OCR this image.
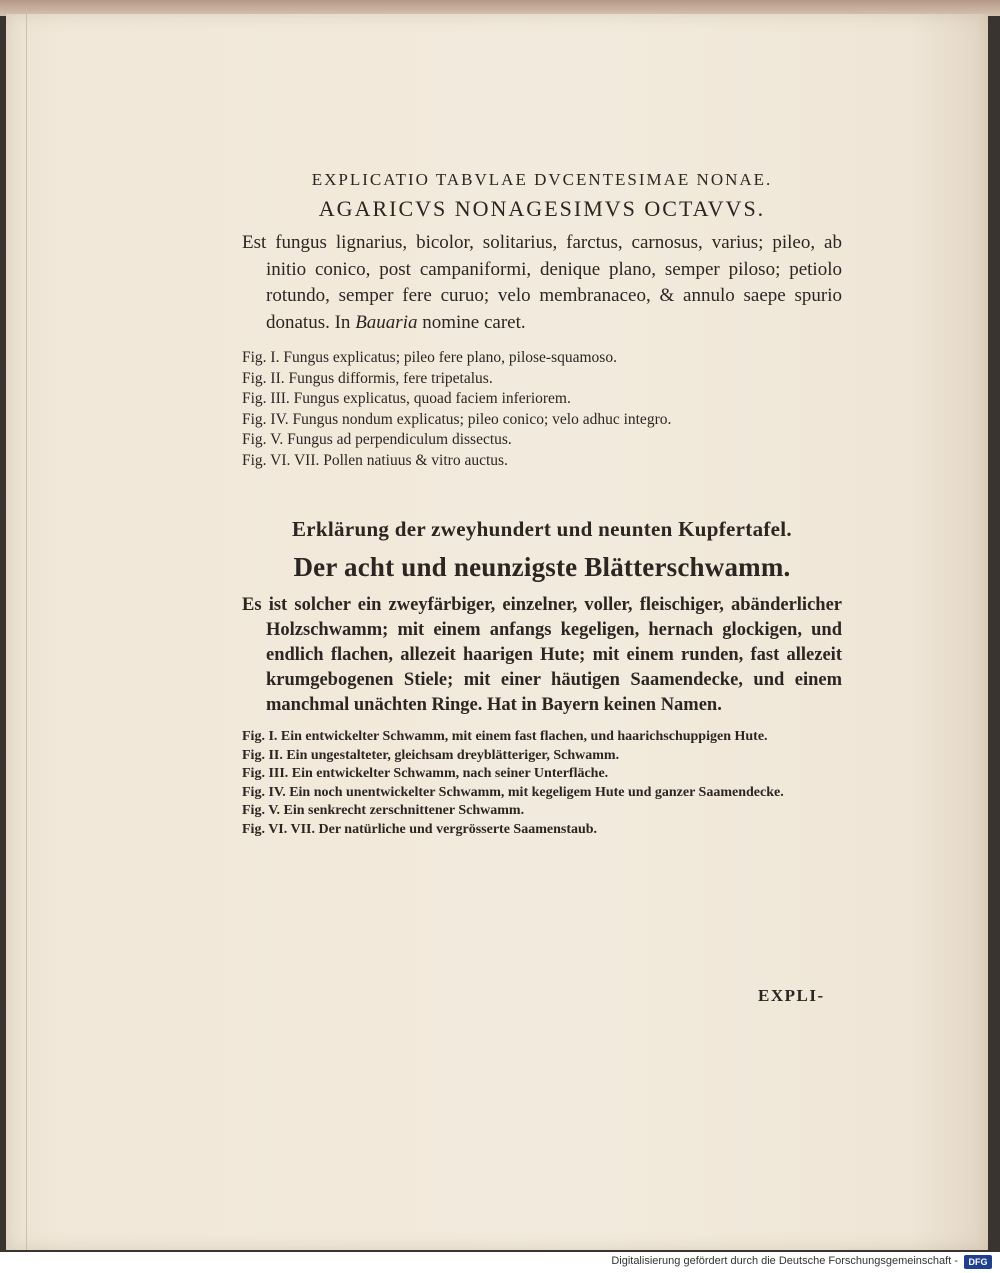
EXPLICATIO TABVLAE DVCENTESIMAE NONAE.
AGARICVS NONAGESIMVS OCTAVVS.

Est fungus lignarius, bicolor, solitarius, farctus, carnosus, varius; pileo, ab initio conico, post campaniformi, denique plano, semper piloso; petiolo rotundo, semper fere curuo; velo membranaceo, & annulo saepe spurio donatus. In Bauaria nomine caret.

Fig. I. Fungus explicatus; pileo fere plano, pilose-squamoso.
Fig. II. Fungus difformis, fere tripetalus.
Fig. III. Fungus explicatus, quoad faciem inferiorem.
Fig. IV. Fungus nondum explicatus; pileo conico; velo adhuc integro.
Fig. V. Fungus ad perpendiculum dissectus.
Fig. VI. VII. Pollen natiuus & vitro auctus.
Erklärung der zweyhundert und neunten Kupfertafel.
Der acht und neunzigste Blätterschwamm.

Es ist solcher ein zweyfärbiger, einzelner, voller, fleischiger, abänderlicher Holzschwamm; mit einem anfangs kegeligen, hernach glockigen, und endlich flachen, allezeit haarigen Hute; mit einem runden, fast allezeit krumgebogenen Stiele; mit einer häutigen Saamendecke, und einem manchmal unächten Ringe. Hat in Bayern keinen Namen.

Fig. I. Ein entwickelter Schwamm, mit einem fast flachen, und haarichschuppigen Hute.
Fig. II. Ein ungestalteter, gleichsam dreyblätteriger, Schwamm.
Fig. III. Ein entwickelter Schwamm, nach seiner Unterfläche.
Fig. IV. Ein noch unentwickelter Schwamm, mit kegeligem Hute und ganzer Saamendecke.
Fig. V. Ein senkrecht zerschnittener Schwamm.
Fig. VI. VII. Der natürliche und vergrösserte Saamenstaub.
EXPLI-
Digitalisierung gefördert durch die Deutsche Forschungsgemeinschaft -	DFG
